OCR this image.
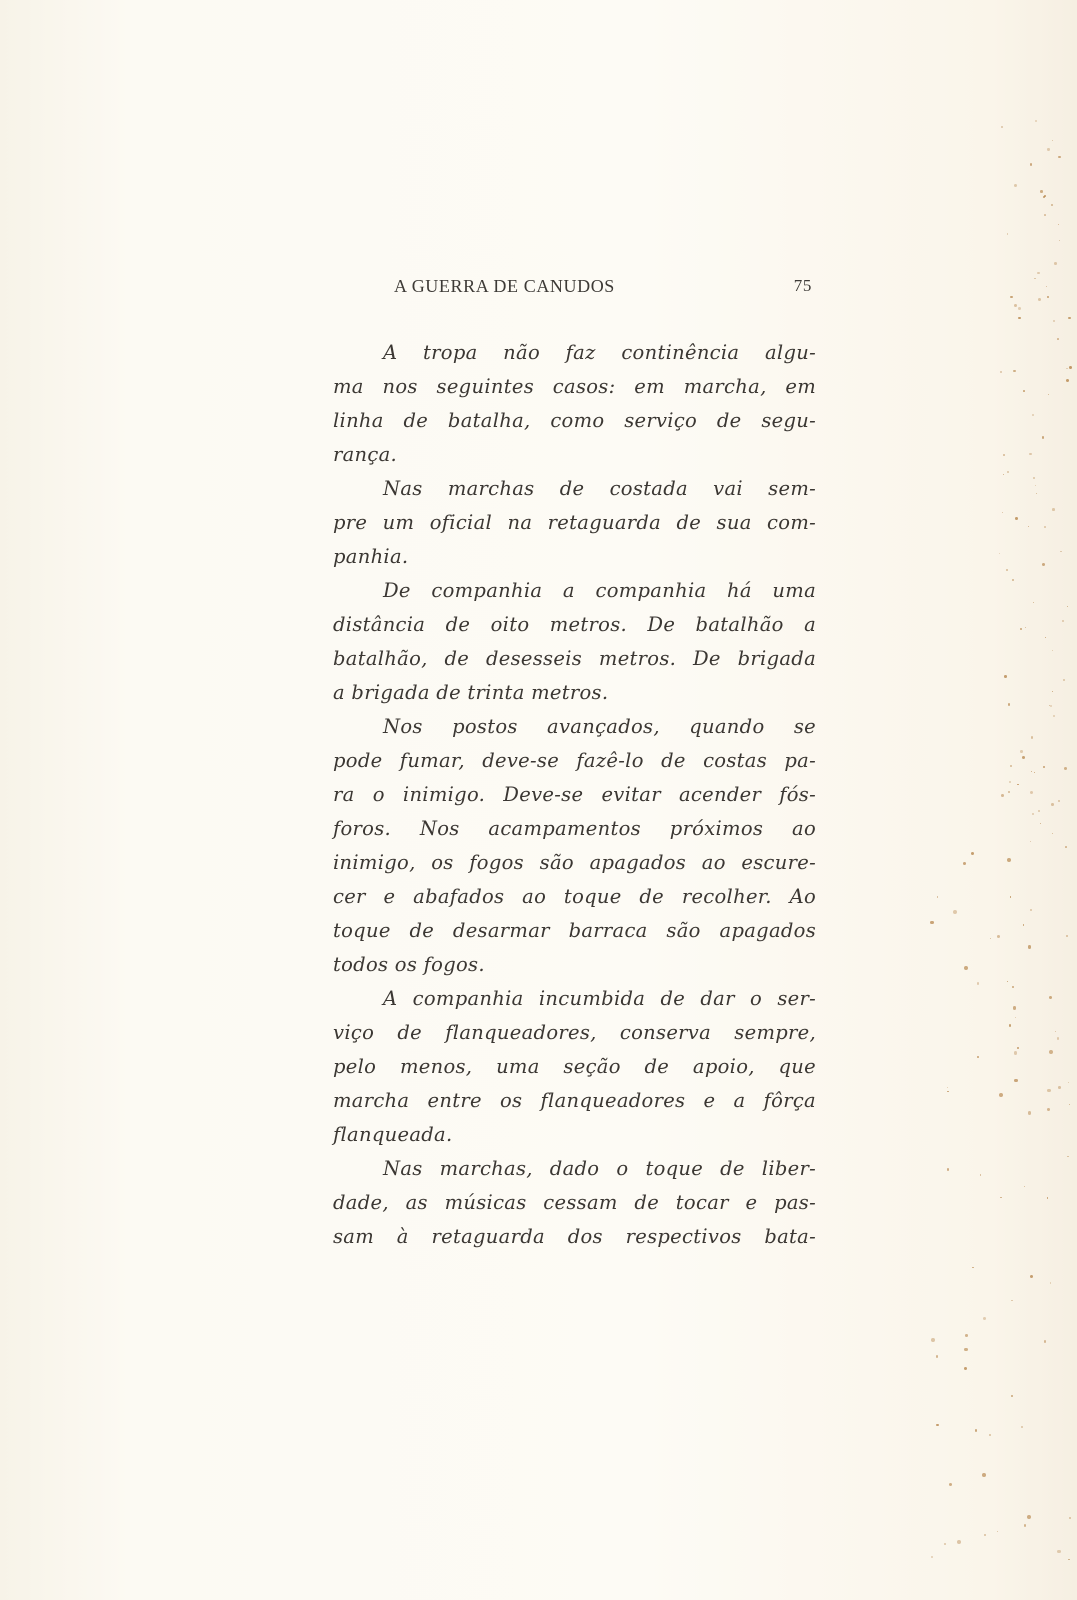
A GUERRA DE CANUDOS	75
A tropa não faz continência algu-
ma nos seguintes casos: em marcha, em
linha de batalha, como serviço de segu-
rança.
Nas marchas de costada vai sem-
pre um oficial na retaguarda de sua com-
panhia.
De companhia a companhia há uma
distância de oito metros. De batalhão a
batalhão, de desesseis metros. De brigada
a brigada de trinta metros.
Nos postos avançados, quando se
pode fumar, deve-se fazê-lo de costas pa-
ra o inimigo. Deve-se evitar acender fós-
foros. Nos acampamentos próximos ao
inimigo, os fogos são apagados ao escure-
cer e abafados ao toque de recolher. Ao
toque de desarmar barraca são apagados
todos os fogos.
A companhia incumbida de dar o ser-
viço de flanqueadores, conserva sempre,
pelo menos, uma seção de apoio, que
marcha entre os flanqueadores e a fôrça
flanqueada.
Nas marchas, dado o toque de liber-
dade, as músicas cessam de tocar e pas-
sam à retaguarda dos respectivos bata-
